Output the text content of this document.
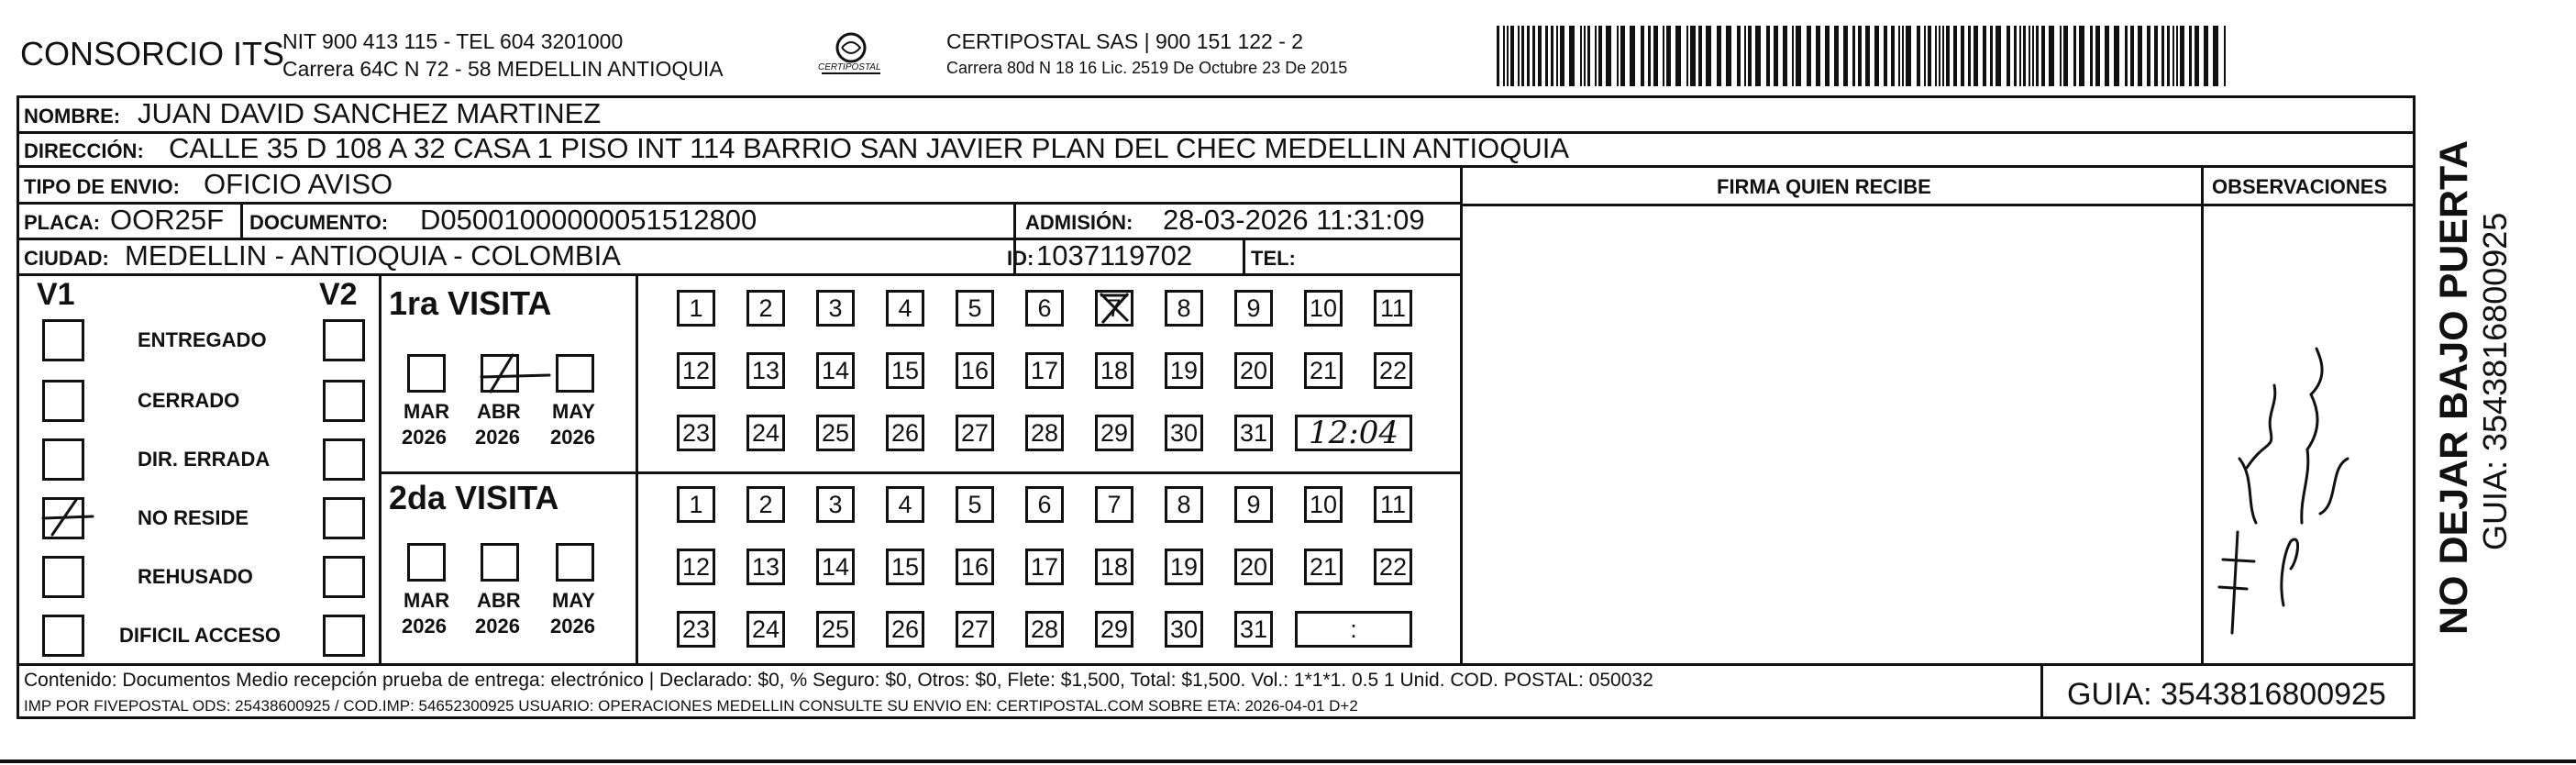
CONSORCIO ITS
NIT 900 413 115 - TEL 604 3201000
Carrera 64C N 72 - 58 MEDELLIN ANTIOQUIA	CERTIPOSTAL
CERTIPOSTAL SAS | 900 151 122 - 2
Carrera 80d N 18 16 Lic. 2519 De Octubre 23 De 2015
NOMBRE: JUAN DAVID SANCHEZ MARTINEZ
DIRECCIÓN: CALLE 35 D 108 A 32 CASA 1 PISO INT 114 BARRIO SAN JAVIER PLAN DEL CHEC MEDELLIN ANTIOQUIA
TIPO DE ENVIO: OFICIO AVISO	FIRMA QUIEN RECIBE	OBSERVACIONES
PLACA: OOR25F DOCUMENTO: D05001000000051512800	ADMISIÓN: 28-03-2026 11:31:09
CIUDAD: MEDELLIN - ANTIOQUIA - COLOMBIA	ID: 1037119702	TEL:
V1	V2
ENTREGADO
CERRADO
DIR. ERRADA
NO RESIDE
REHUSADO
DIFICIL ACCESO
1ra VISITA
MAR
2026
ABR
2026
MAY
2026
1	2	3	4	5	6	7	8	9	10 11
12 13 14 15 16 17 18 19 20 21 22
23 24 25 26 27 28 29 30 31	12:04
2da VISITA
MAR
2026
ABR
2026
MAY
2026
1	2	3	4	5	6	7	8	9	10 11
12 13 14 15 16 17 18 19 20 21 22
23 24 25 26 27 28 29 30 31	:	NO DEJAR BAJO PUERTA GUIA: 3543816800925
Contenido: Documentos Medio recepción prueba de entrega: electrónico | Declarado: $0, % Seguro: $0, Otros: $0, Flete: $1,500, Total: $1,500. Vol.: 1*1*1. 0.5 1 Unid. COD. POSTAL: 050032
IMP POR FIVEPOSTAL ODS: 25438600925 / COD.IMP: 54652300925 USUARIO: OPERACIONES MEDELLIN CONSULTE SU ENVIO EN: CERTIPOSTAL.COM SOBRE ETA: 2026-04-01 D+2	GUIA: 3543816800925
